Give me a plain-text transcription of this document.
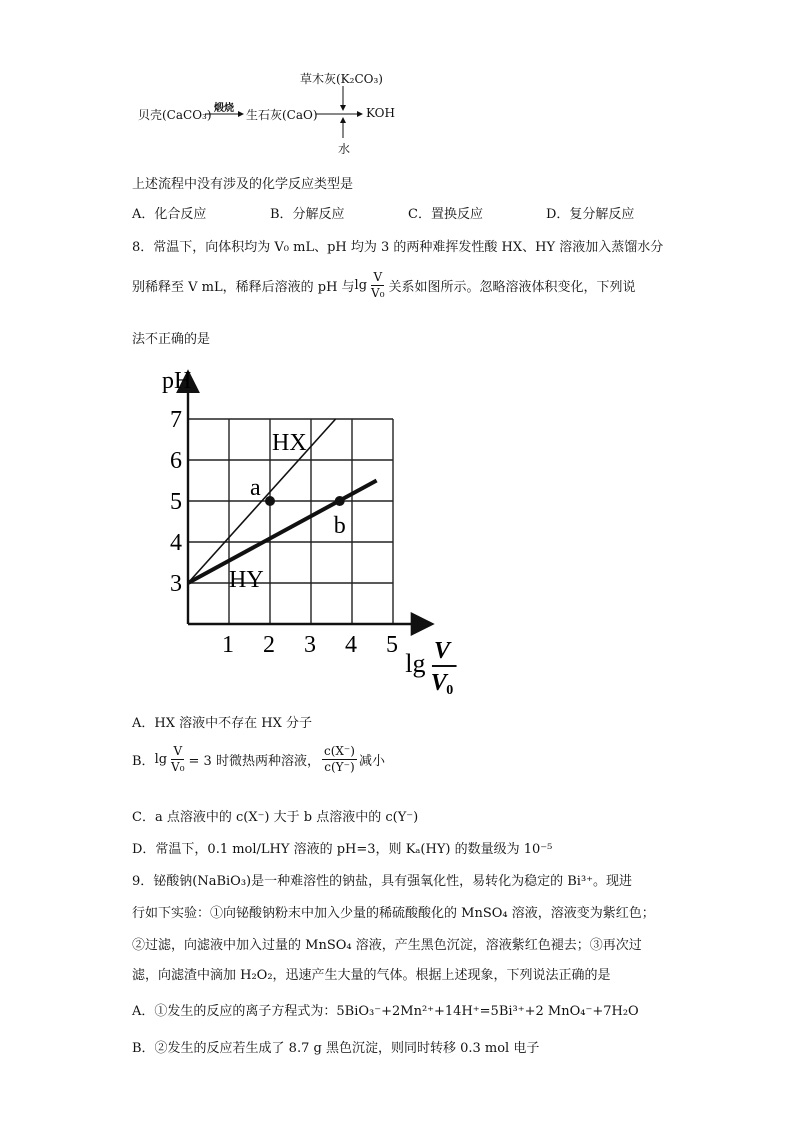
草木灰(K₂CO₃)
贝壳(CaCO₃) 煅烧 生石灰(CaO)	KOH
水
上述流程中没有涉及的化学反应类型是
A．化合反应	B．分解反应	C．置换反应	D．复分解反应
8．常温下，向体积均为 V₀ mL、pH 均为 3 的两种难挥发性酸 HX、HY 溶液加入蒸馏水分
别稀释至 V mL，稀释后溶液的 pH 与 $\lg \frac{V}{\text{V₀}}$ 关系如图所示。忽略溶液体积变化，下列说
法不正确的是
pH
3
4
5
6
7
1 2 3 4 5
lg V
V 0
HX
HY
a
b
A．HX 溶液中不存在 HX 分子
B． $\lg \frac{V}{\text{V₀}} = 3$ 时微热两种溶液， $\frac{c(X^-)}{c(Y^-)}$ 减小
C．a 点溶液中的 c(X⁻) 大于 b 点溶液中的 c(Y⁻)
D．常温下，0.1 mol/LHY 溶液的 pH=3，则 Kₐ(HY) 的数量级为 10⁻⁵
9．铋酸钠(NaBiO₃)是一种难溶性的钠盐，具有强氧化性，易转化为稳定的 Bi³⁺。现进
行如下实验：①向铋酸钠粉末中加入少量的稀硫酸酸化的 MnSO₄ 溶液，溶液变为紫红色；
②过滤，向滤液中加入过量的 MnSO₄ 溶液，产生黑色沉淀，溶液紫红色褪去；③再次过
滤，向滤渣中滴加 H₂O₂，迅速产生大量的气体。根据上述现象，下列说法正确的是
A．①发生的反应的离子方程式为：5BiO₃⁻+2Mn²⁺+14H⁺=5Bi³⁺+2 MnO₄⁻+7H₂O
B．②发生的反应若生成了 8.7 g 黑色沉淀，则同时转移 0.3 mol 电子
